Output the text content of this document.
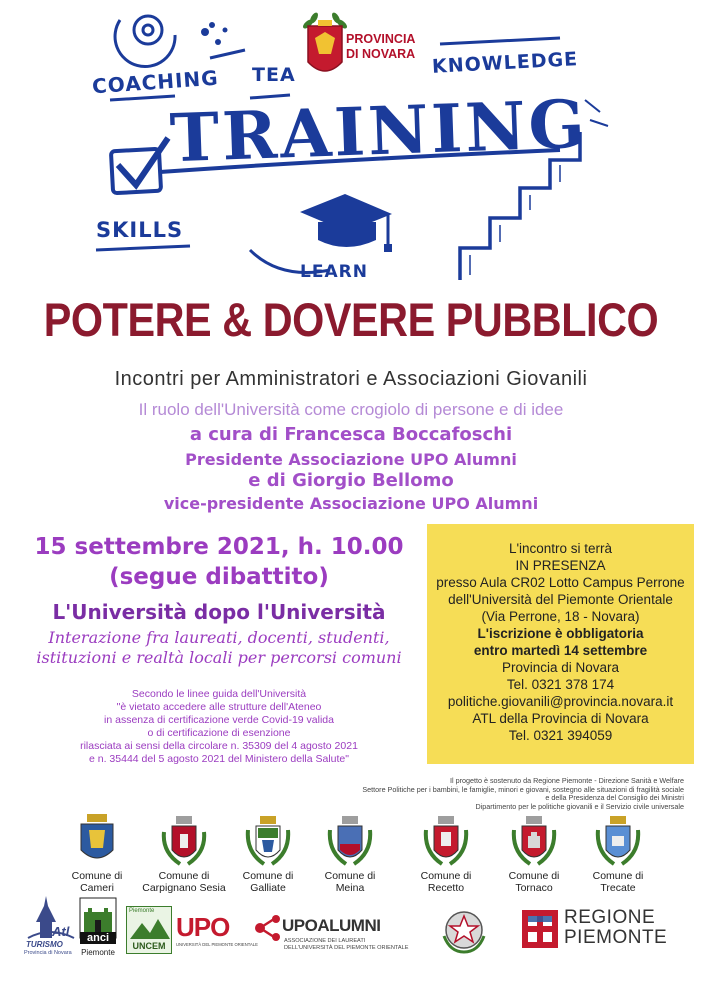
COACHING TEA	KNOWLEDGE
TRAINING
SKILLS
LEARN
PROVINCIA
DI NOVARA
POTERE & DOVERE PUBBLICO
Incontri per Amministratori e Associazioni Giovanili
Il ruolo dell'Università come crogiolo di persone e di idee
a cura di Francesca Boccafoschi
Presidente Associazione UPO Alumni
e di Giorgio Bellomo
vice-presidente Associazione UPO Alumni
15 settembre 2021, h. 10.00
(segue dibattito)
L'Università dopo l'Università
Interazione fra laureati, docenti, studenti,
istituzioni e realtà locali per percorsi comuni
Secondo le linee guida dell'Università
"è vietato accedere alle strutture dell'Ateneo
in assenza di certificazione verde Covid-19 valida
o di certificazione di esenzione
rilasciata ai sensi della circolare n. 35309 del 4 agosto 2021
e n. 35444 del 5 agosto 2021 del Ministero della Salute"
L'incontro si terrà
IN PRESENZA
presso Aula CR02 Lotto Campus Perrone
dell'Università del Piemonte Orientale
(Via Perrone, 18 - Novara)
L'iscrizione è obbligatoria
entro martedì 14 settembre
Provincia di Novara
Tel. 0321 378 174
politiche.giovanili@provincia.novara.it
ATL della Provincia di Novara
Tel. 0321 394059
Il progetto è sostenuto da Regione Piemonte - Direzione Sanità e Welfare
Settore Politiche per i bambini, le famiglie, minori e giovani, sostegno alle situazioni di fragilità sociale
e della Presidenza del Consiglio dei Ministri
Dipartimento per le politiche giovanili e il Servizio civile universale
Comune di
Cameri
Comune di
Carpignano Sesia
Comune di
Galliate
Comune di
Meina
Comune di
Recetto
Comune di
Tornaco
Comune di
Trecate
Atl
TURISMO
Provincia di Novara
anci
Piemonte
Piemonte
UNCEM
UPO
UNIVERSITÀ DEL PIEMONTE ORIENTALE
UPOALUMNI
ASSOCIAZIONE DEI LAUREATI
DELL'UNIVERSITÀ DEL PIEMONTE ORIENTALE
REGIONE
PIEMONTE
